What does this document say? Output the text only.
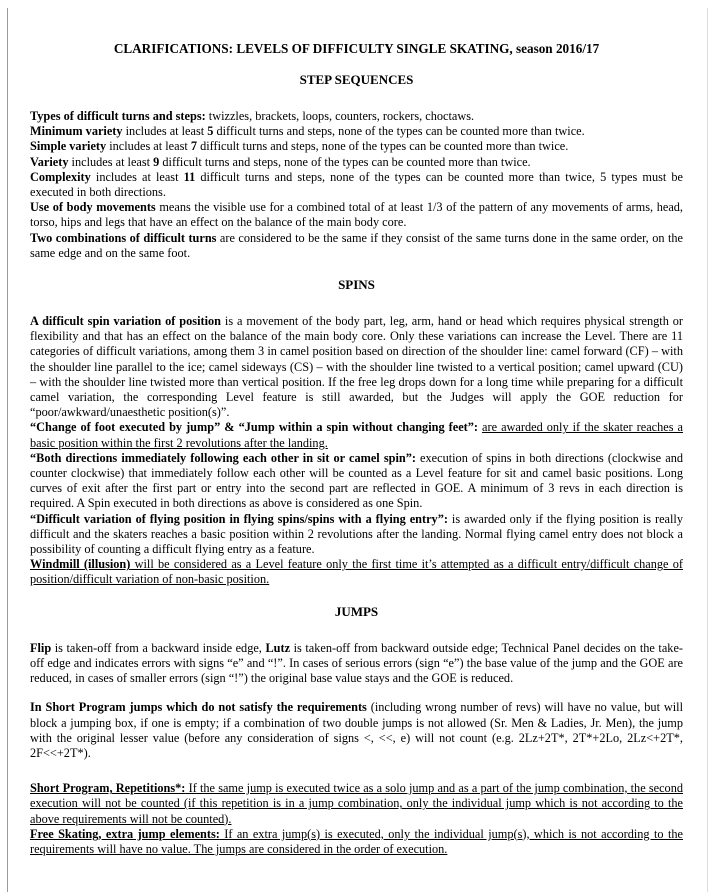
CLARIFICATIONS: LEVELS OF DIFFICULTY SINGLE SKATING, season 2016/17
STEP SEQUENCES

Types of difficult turns and steps: twizzles, brackets, loops, counters, rockers, choctaws.

Minimum variety includes at least 5 difficult turns and steps, none of the types can be counted more than twice.

Simple variety includes at least 7 difficult turns and steps, none of the types can be counted more than twice.

Variety includes at least 9 difficult turns and steps, none of the types can be counted more than twice.

Complexity includes at least 11 difficult turns and steps, none of the types can be counted more than twice, 5 types must be executed in both directions.

Use of body movements means the visible use for a combined total of at least 1/3 of the pattern of any movements of arms, head, torso, hips and legs that have an effect on the balance of the main body core.

Two combinations of difficult turns are considered to be the same if they consist of the same turns done in the same order, on the same edge and on the same foot.

SPINS

A difficult spin variation of position is a movement of the body part, leg, arm, hand or head which requires physical strength or flexibility and that has an effect on the balance of the main body core. Only these variations can increase the Level. There are 11 categories of difficult variations, among them 3 in camel position based on direction of the shoulder line: camel forward (CF) – with the shoulder line parallel to the ice; camel sideways (CS) – with the shoulder line twisted to a vertical position; camel upward (CU) – with the shoulder line twisted more than vertical position. If the free leg drops down for a long time while preparing for a difficult camel variation, the corresponding Level feature is still awarded, but the Judges will apply the GOE reduction for “poor/awkward/unaesthetic position(s)”.

“Change of foot executed by jump” & “Jump within a spin without changing feet”: are awarded only if the skater reaches a basic position within the first 2 revolutions after the landing.

“Both directions immediately following each other in sit or camel spin”: execution of spins in both directions (clockwise and counter clockwise) that immediately follow each other will be counted as a Level feature for sit and camel basic positions. Long curves of exit after the first part or entry into the second part are reflected in GOE. A minimum of 3 revs in each direction is required. A Spin executed in both directions as above is considered as one Spin.

“Difficult variation of flying position in flying spins/spins with a flying entry”: is awarded only if the flying position is really difficult and the skaters reaches a basic position within 2 revolutions after the landing. Normal flying camel entry does not block a possibility of counting a difficult flying entry as a feature.

Windmill (illusion) will be considered as a Level feature only the first time it’s attempted as a difficult entry/difficult change of position/difficult variation of non-basic position.

JUMPS

Flip is taken-off from a backward inside edge, Lutz is taken-off from backward outside edge; Technical Panel decides on the take-off edge and indicates errors with signs “e” and “!”. In cases of serious errors (sign “e”) the base value of the jump and the GOE are reduced, in cases of smaller errors (sign “!”) the original base value stays and the GOE is reduced.

In Short Program jumps which do not satisfy the requirements (including wrong number of revs) will have no value, but will block a jumping box, if one is empty; if a combination of two double jumps is not allowed (Sr. Men & Ladies, Jr. Men), the jump with the original lesser value (before any consideration of signs <, <<, e) will not count (e.g. 2Lz+2T*, 2T*+2Lo, 2Lz<+2T*, 2F<<+2T*).

Short Program, Repetitions*: If the same jump is executed twice as a solo jump and as a part of the jump combination, the second execution will not be counted (if this repetition is in a jump combination, only the individual jump which is not according to the above requirements will not be counted).

Free Skating, extra jump elements: If an extra jump(s) is executed, only the individual jump(s), which is not according to the requirements will have no value. The jumps are considered in the order of execution.
